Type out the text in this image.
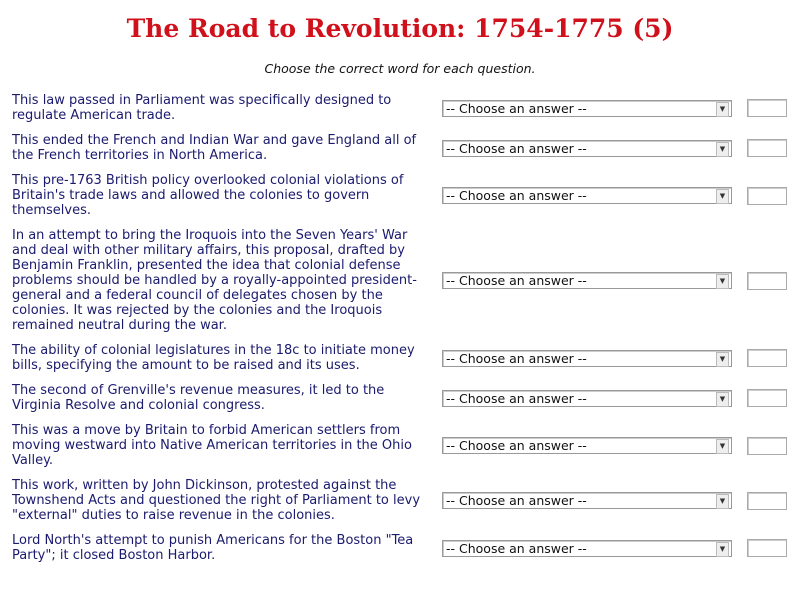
The Road to Revolution: 1754-1775 (5)
Choose the correct word for each question.
This law passed in Parliament was specifically designed to regulate American trade.	-- Choose an answer -- ▼	

This ended the French and Indian War and gave England all of the French territories in North America.	-- Choose an answer -- ▼	

This pre-1763 British policy overlooked colonial violations of Britain's trade laws and allowed the colonies to govern themselves.	-- Choose an answer -- ▼	

In an attempt to bring the Iroquois into the Seven Years' War and deal with other military affairs, this proposal, drafted by Benjamin Franklin, presented the idea that colonial defense problems should be handled by a royally-appointed president-general and a federal council of delegates chosen by the colonies. It was rejected by the colonies and the Iroquois remained neutral during the war.	-- Choose an answer -- ▼	

The ability of colonial legislatures in the 18c to initiate money bills, specifying the amount to be raised and its uses.	-- Choose an answer -- ▼	

The second of Grenville's revenue measures, it led to the Virginia Resolve and colonial congress.	-- Choose an answer -- ▼	

This was a move by Britain to forbid American settlers from moving westward into Native American territories in the Ohio Valley.	-- Choose an answer -- ▼	

This work, written by John Dickinson, protested against the Townshend Acts and questioned the right of Parliament to levy "external" duties to raise revenue in the colonies.	-- Choose an answer -- ▼	

Lord North's attempt to punish Americans for the Boston "Tea Party"; it closed Boston Harbor.	-- Choose an answer -- ▼	
